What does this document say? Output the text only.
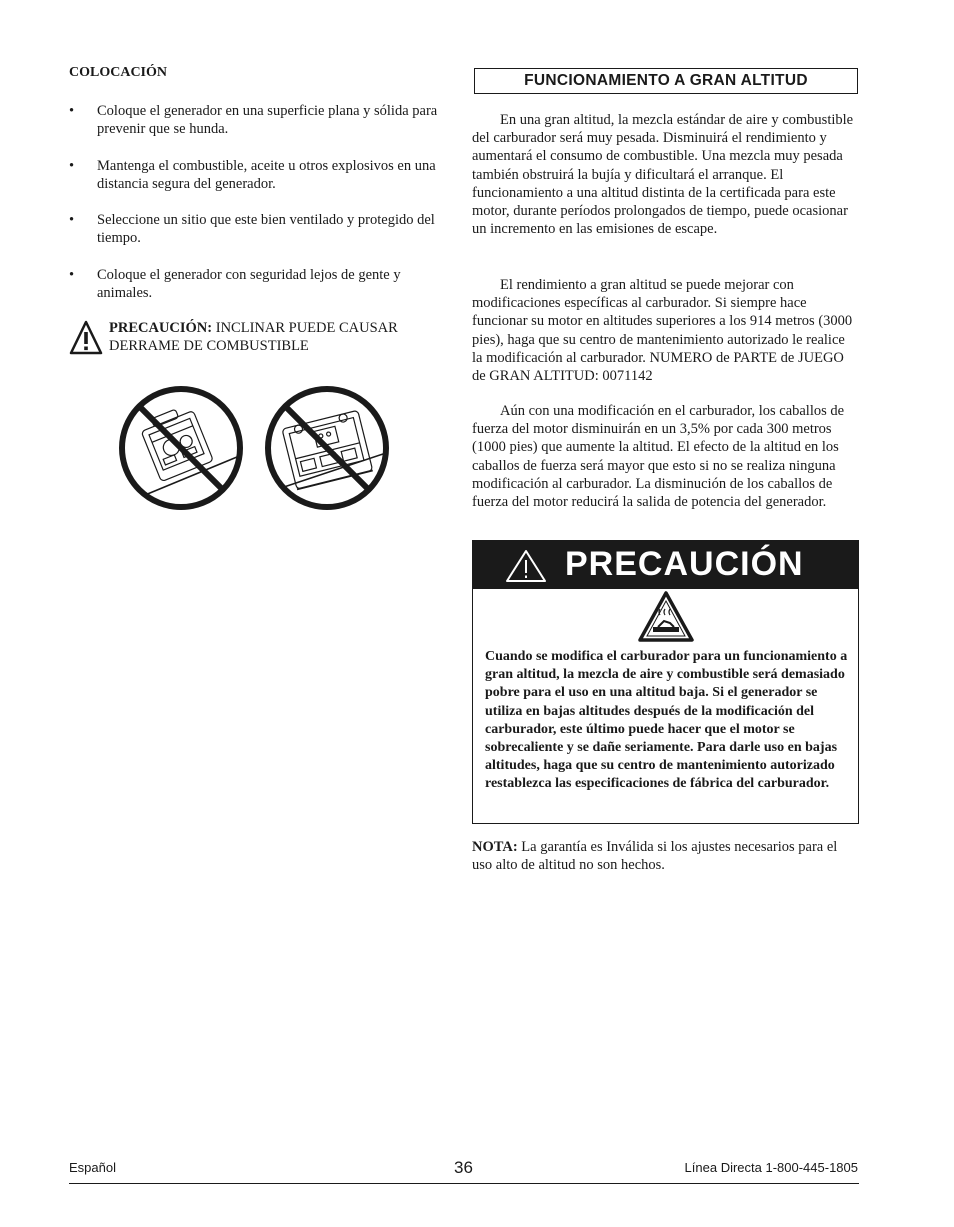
COLOCACIÓN
• Coloque el generador en una superficie plana y sólida para prevenir que se hunda.
• Mantenga el combustible, aceite u otros explosivos en una distancia segura del generador.
• Seleccione un sitio que este bien ventilado y protegido del tiempo.
• Coloque el generador con seguridad lejos de gente y animales.
PRECAUCIÓN: INCLINAR PUEDE CAUSAR DERRAME DE COMBUSTIBLE
FUNCIONAMIENTO A GRAN ALTITUD

En una gran altitud, la mezcla estándar de aire y combustible del carburador será muy pesada. Disminuirá el rendimiento y aumentará el consumo de combustible. Una mezcla muy pesada también obstruirá la bujía y dificultará el arranque. El funcionamiento a una altitud distinta de la certificada para este motor, durante períodos prolongados de tiempo, puede ocasionar un incremento en las emisiones de escape.

El rendimiento a gran altitud se puede mejorar con modificaciones específicas al carburador. Si siempre hace funcionar su motor en altitudes superiores a los 914 metros (3000 pies), haga que su centro de mantenimiento autorizado le realice la modificación al carburador. NUMERO de PARTE de JUEGO de GRAN ALTITUD: 0071142

Aún con una modificación en el carburador, los caballos de fuerza del motor disminuirán en un 3,5% por cada 300 metros (1000 pies) que aumente la altitud. El efecto de la altitud en los caballos de fuerza será mayor que esto si no se realiza ninguna modificación al carburador. La disminución de los caballos de fuerza del motor reducirá la salida de potencia del generador.

PRECAUCIÓN

Cuando se modifica el carburador para un funcionamiento a gran altitud, la mezcla de aire y combustible será demasiado pobre para el uso en una altitud baja. Si el generador se utiliza en bajas altitudes después de la modificación del carburador, este último puede hacer que el motor se sobrecaliente y se dañe seriamente. Para darle uso en bajas altitudes, haga que su centro de mantenimiento autorizado restablezca las especificaciones de fábrica del carburador.

NOTA: La garantía es Inválida si los ajustes necesarios para el uso alto de altitud no son hechos.

Español	36	Línea Directa 1-800-445-1805
